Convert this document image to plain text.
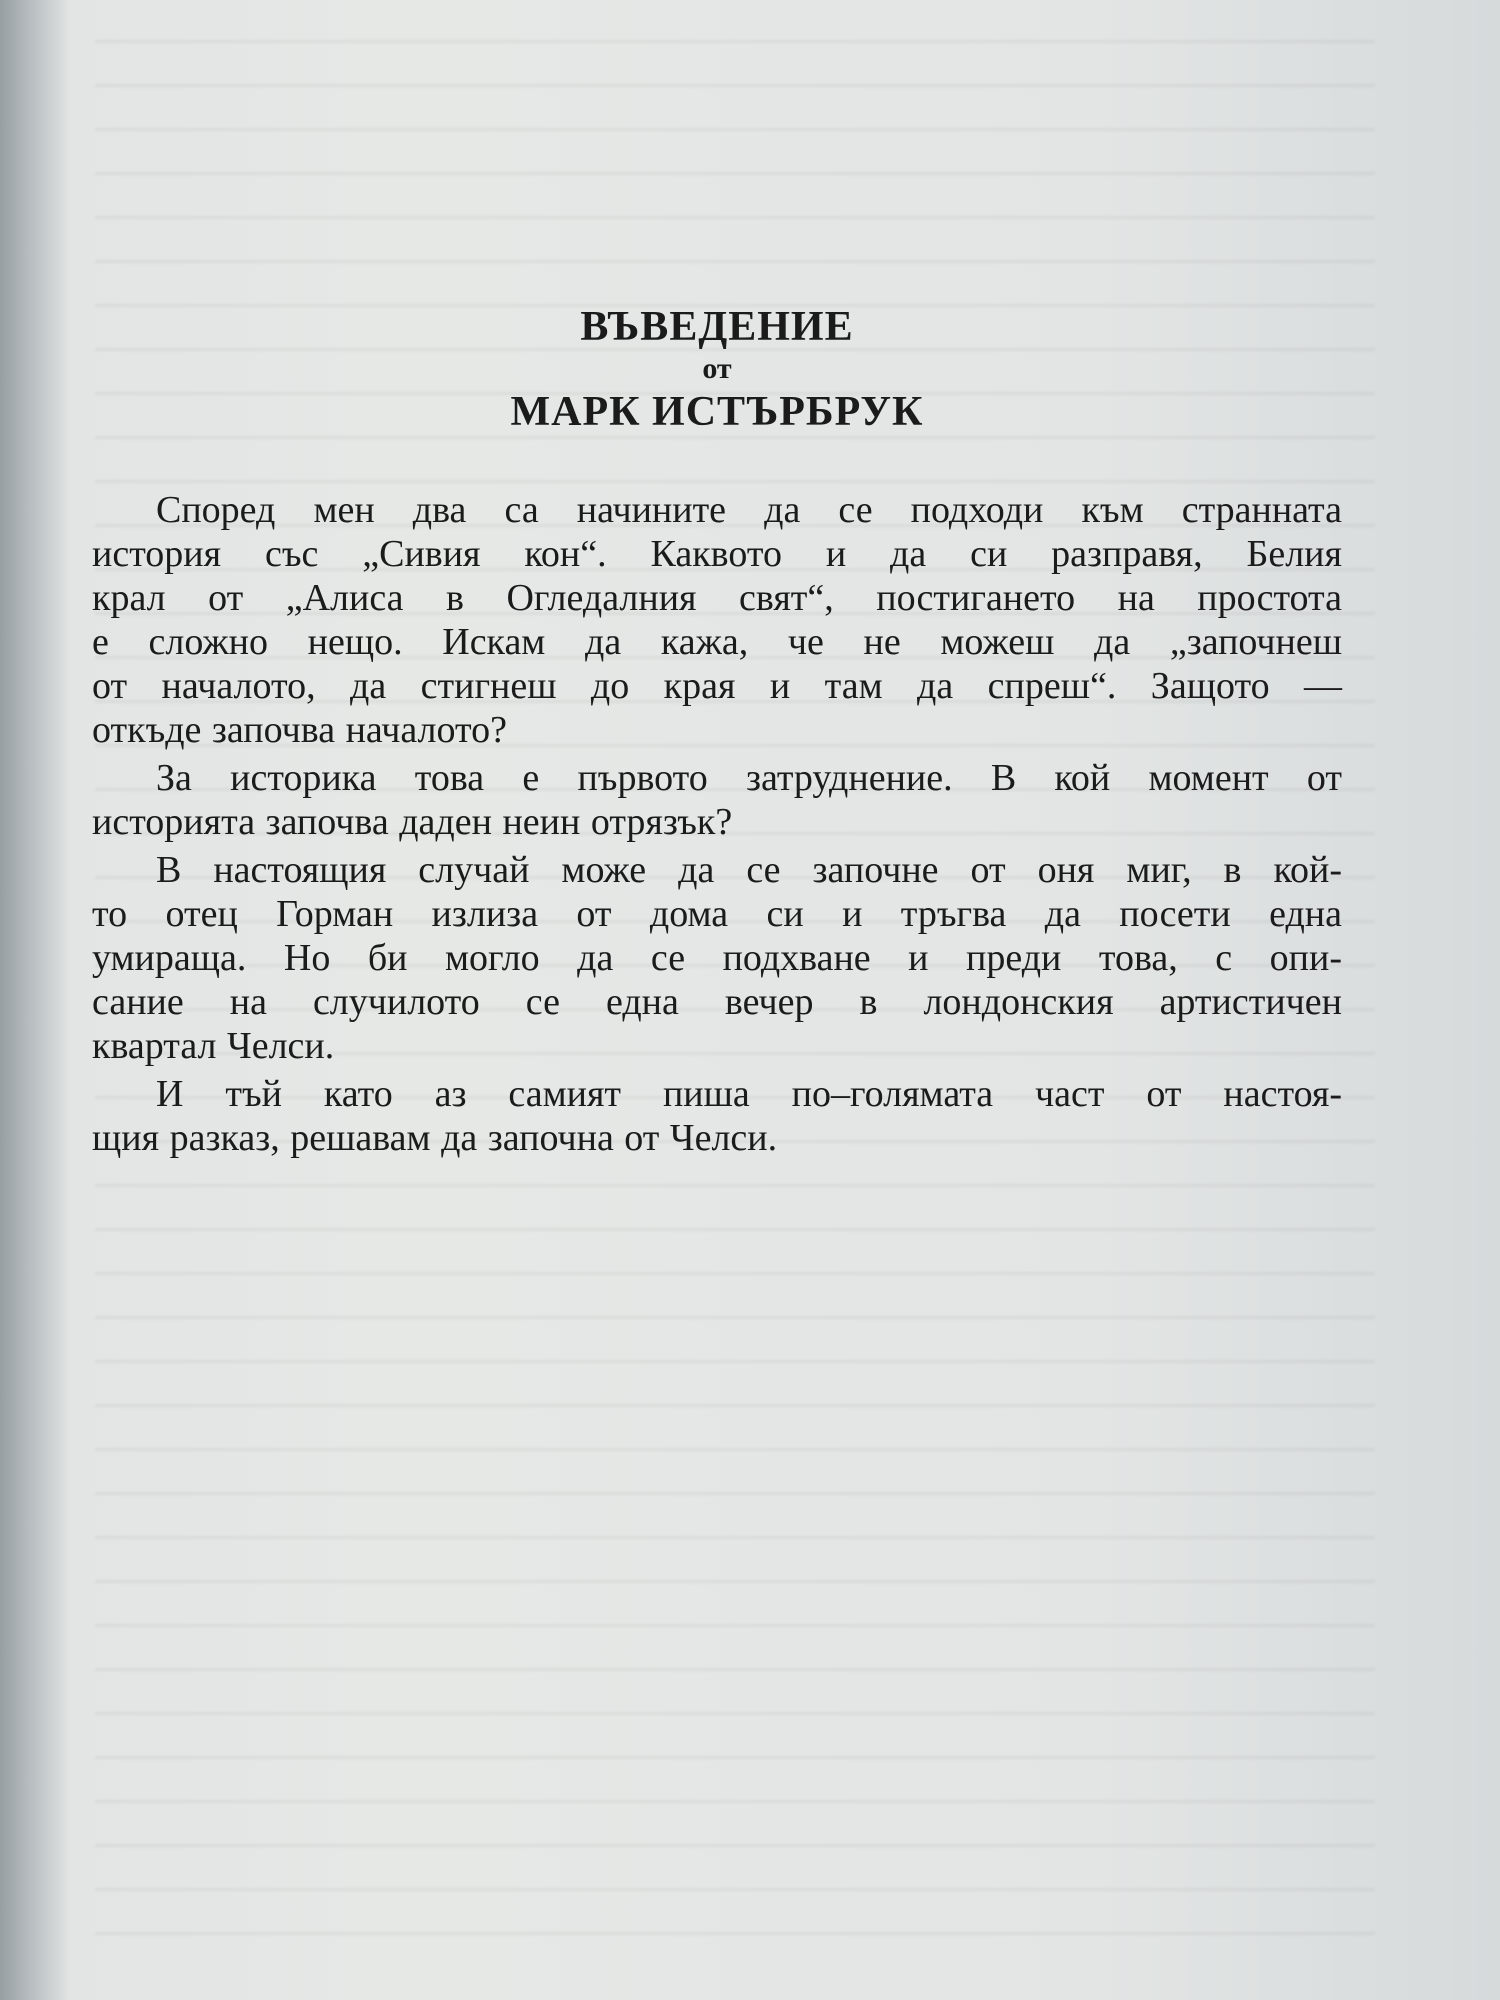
ВЪВЕДЕНИЕ

от

МАРК ИСТЪРБРУК

Според мен два са начините да се подходи към странната
история със „Сивия кон“. Каквото и да си разправя, Белия
крал от „Алиса в Огледалния свят“, постигането на простота
е сложно нещо. Искам да кажа, че не можеш да „започнеш
от началото, да стигнеш до края и там да спреш“. Защото —
откъде започва началото?
За историка това е първото затруднение. В кой момент от
историята започва даден неин отрязък?
В настоящия случай може да се започне от оня миг, в кой-
то отец Горман излиза от дома си и тръгва да посети една
умираща. Но би могло да се подхване и преди това, с опи-
сание на случилото се една вечер в лондонския артистичен
квартал Челси.
И тъй като аз самият пиша по–голямата част от настоя-
щия разказ, решавам да започна от Челси.
